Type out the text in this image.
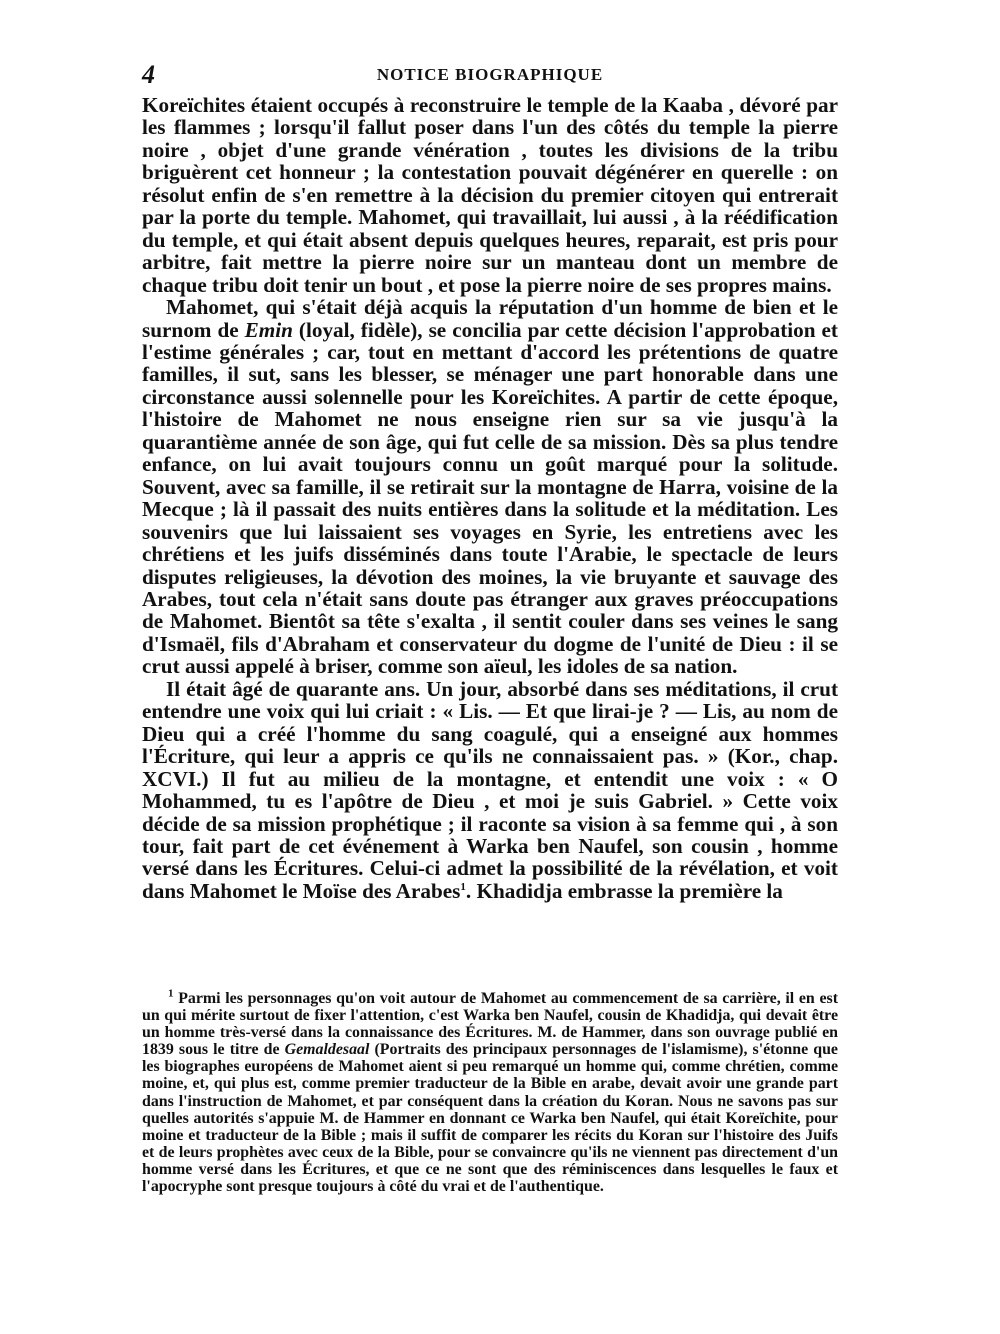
4	NOTICE BIOGRAPHIQUE

Koreïchites étaient occupés à reconstruire le temple de la Kaaba , dévoré par les flammes ; lorsqu'il fallut poser dans l'un des côtés du temple la pierre noire , objet d'une grande vénération , toutes les divisions de la tribu briguèrent cet honneur ; la contestation pouvait dégénérer en querelle : on résolut enfin de s'en remettre à la décision du premier citoyen qui entrerait par la porte du temple. Mahomet, qui travaillait, lui aussi , à la réédification du temple, et qui était absent depuis quelques heures, reparait, est pris pour arbitre, fait mettre la pierre noire sur un manteau dont un membre de chaque tribu doit tenir un bout , et pose la pierre noire de ses propres mains.

Mahomet, qui s'était déjà acquis la réputation d'un homme de bien et le surnom de Emin (loyal, fidèle), se concilia par cette décision l'approbation et l'estime générales ; car, tout en mettant d'accord les prétentions de quatre familles, il sut, sans les blesser, se ménager une part honorable dans une circonstance aussi solennelle pour les Koreïchites. A partir de cette époque, l'histoire de Mahomet ne nous enseigne rien sur sa vie jusqu'à la quarantième année de son âge, qui fut celle de sa mission. Dès sa plus tendre enfance, on lui avait toujours connu un goût marqué pour la solitude. Souvent, avec sa famille, il se retirait sur la montagne de Harra, voisine de la Mecque ; là il passait des nuits entières dans la solitude et la méditation. Les souvenirs que lui laissaient ses voyages en Syrie, les entretiens avec les chrétiens et les juifs disséminés dans toute l'Arabie, le spectacle de leurs disputes religieuses, la dévotion des moines, la vie bruyante et sauvage des Arabes, tout cela n'était sans doute pas étranger aux graves préoccupations de Mahomet. Bientôt sa tête s'exalta , il sentit couler dans ses veines le sang d'Ismaël, fils d'Abraham et conservateur du dogme de l'unité de Dieu : il se crut aussi appelé à briser, comme son aïeul, les idoles de sa nation.

Il était âgé de quarante ans. Un jour, absorbé dans ses méditations, il crut entendre une voix qui lui criait : « Lis. — Et que lirai-je ? — Lis, au nom de Dieu qui a créé l'homme du sang coagulé, qui a enseigné aux hommes l'Écriture, qui leur a appris ce qu'ils ne connaissaient pas. » (Kor., chap. XCVI.) Il fut au milieu de la montagne, et entendit une voix : « O Mohammed, tu es l'apôtre de Dieu , et moi je suis Gabriel. » Cette voix décide de sa mission prophétique ; il raconte sa vision à sa femme qui , à son tour, fait part de cet événement à Warka ben Naufel, son cousin , homme versé dans les Écritures. Celui-ci admet la possibilité de la révélation, et voit dans Mahomet le Moïse des Arabes$^1$. Khadidja embrasse la première la

$^1$ Parmi les personnages qu'on voit autour de Mahomet au commencement de sa carrière, il en est un qui mérite surtout de fixer l'attention, c'est Warka ben Naufel, cousin de Khadidja, qui devait être un homme très-versé dans la connaissance des Écritures. M. de Hammer, dans son ouvrage publié en 1839 sous le titre de Gemaldesaal (Portraits des principaux personnages de l'islamisme), s'étonne que les biographes européens de Mahomet aient si peu remarqué un homme qui, comme chrétien, comme moine, et, qui plus est, comme premier traducteur de la Bible en arabe, devait avoir une grande part dans l'instruction de Mahomet, et par conséquent dans la création du Koran. Nous ne savons pas sur quelles autorités s'appuie M. de Hammer en donnant ce Warka ben Naufel, qui était Koreïchite, pour moine et traducteur de la Bible ; mais il suffit de comparer les récits du Koran sur l'histoire des Juifs et de leurs prophètes avec ceux de la Bible, pour se convaincre qu'ils ne viennent pas directement d'un homme versé dans les Écritures, et que ce ne sont que des réminiscences dans lesquelles le faux et l'apocryphe sont presque toujours à côté du vrai et de l'authentique.
